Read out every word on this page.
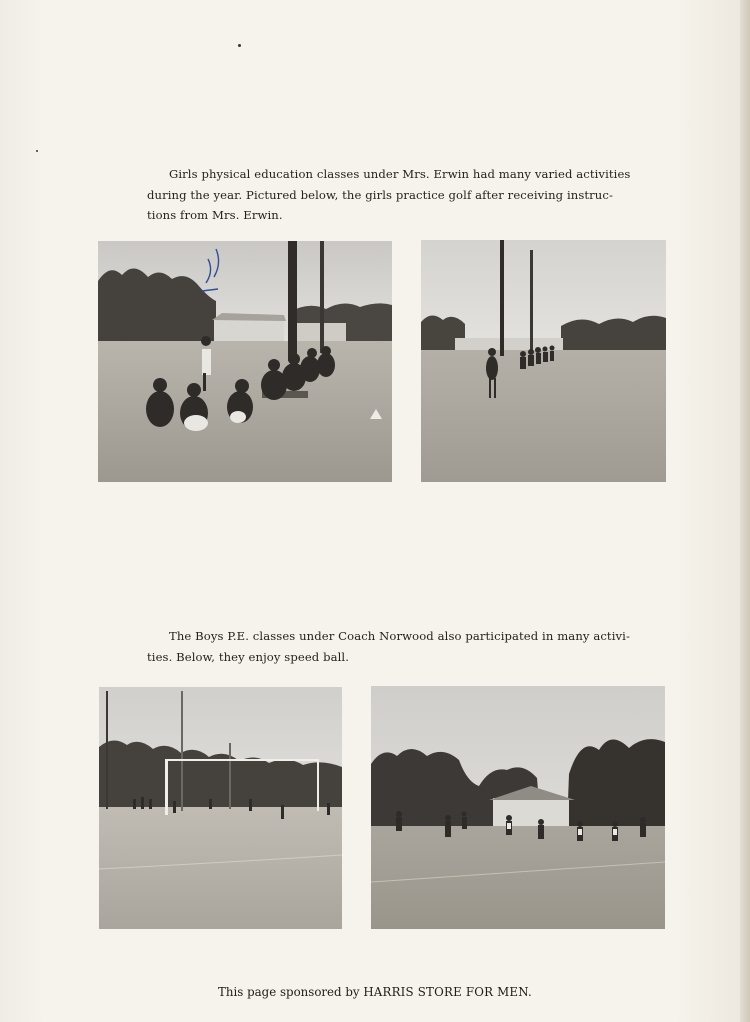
Girls physical education classes under Mrs. Erwin had many varied activities
during the year. Pictured below, the girls practice golf after receiving instruc-
tions from Mrs. Erwin.

The Boys P.E. classes under Coach Norwood also participated in many activi-
ties. Below, they enjoy speed ball.

This page sponsored by HARRIS STORE FOR MEN.
